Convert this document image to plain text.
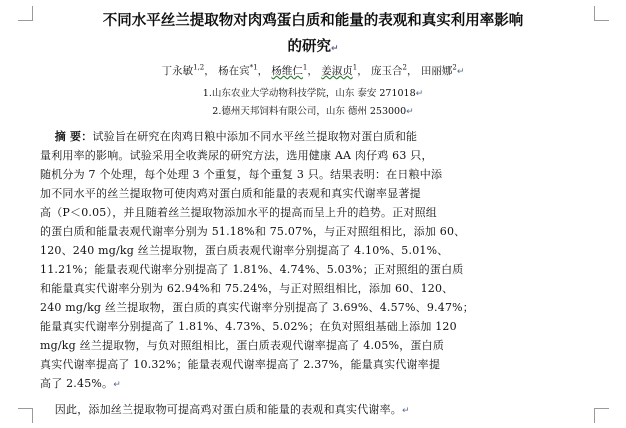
不同水平丝兰提取物对肉鸡蛋白质和能量的表观和真实利用率影响
的研究↵
丁永敏$^{1,2}$， 杨在宾$^{*1}$， 杨维仁$^1$， 姜淑贞$^1$， 庞玉合$^2$， 田丽娜$^2$↵
1.山东农业大学动物科技学院，山东 泰安 271018↵
2.德州天邦饲料有限公司，山东 德州 253000↵
摘 要：试验旨在研究在肉鸡日粮中添加不同水平丝兰提取物对蛋白质和能
量利用率的影响。试验采用全收粪尿的研究方法，选用健康 AA 肉仔鸡 63 只，
随机分为 7 个处理，每个处理 3 个重复，每个重复 3 只。结果表明：在日粮中添
加不同水平的丝兰提取物可使肉鸡对蛋白质和能量的表观和真实代谢率显著提
高（P＜0.05），并且随着丝兰提取物添加水平的提高而呈上升的趋势。正对照组
的蛋白质和能量表观代谢率分别为 51.18%和 75.07%，与正对照组相比，添加 60、
120、240 mg/kg 丝兰提取物，蛋白质表观代谢率分别提高了 4.10%、5.01%、
11.21%；能量表观代谢率分别提高了 1.81%、4.74%、5.03%；正对照组的蛋白质
和能量真实代谢率分别为 62.94%和 75.24%，与正对照组相比，添加 60、120、
240 mg/kg 丝兰提取物，蛋白质的真实代谢率分别提高了 3.69%、4.57%、9.47%；
能量真实代谢率分别提高了 1.81%、4.73%、5.02%；在负对照组基础上添加 120
mg/kg 丝兰提取物，与负对照组相比，蛋白质表观代谢率提高了 4.05%，蛋白质
真实代谢率提高了 10.32%；能量表观代谢率提高了 2.37%，能量真实代谢率提
高了 2.45%。↵
因此，添加丝兰提取物可提高鸡对蛋白质和能量的表观和真实代谢率。↵
